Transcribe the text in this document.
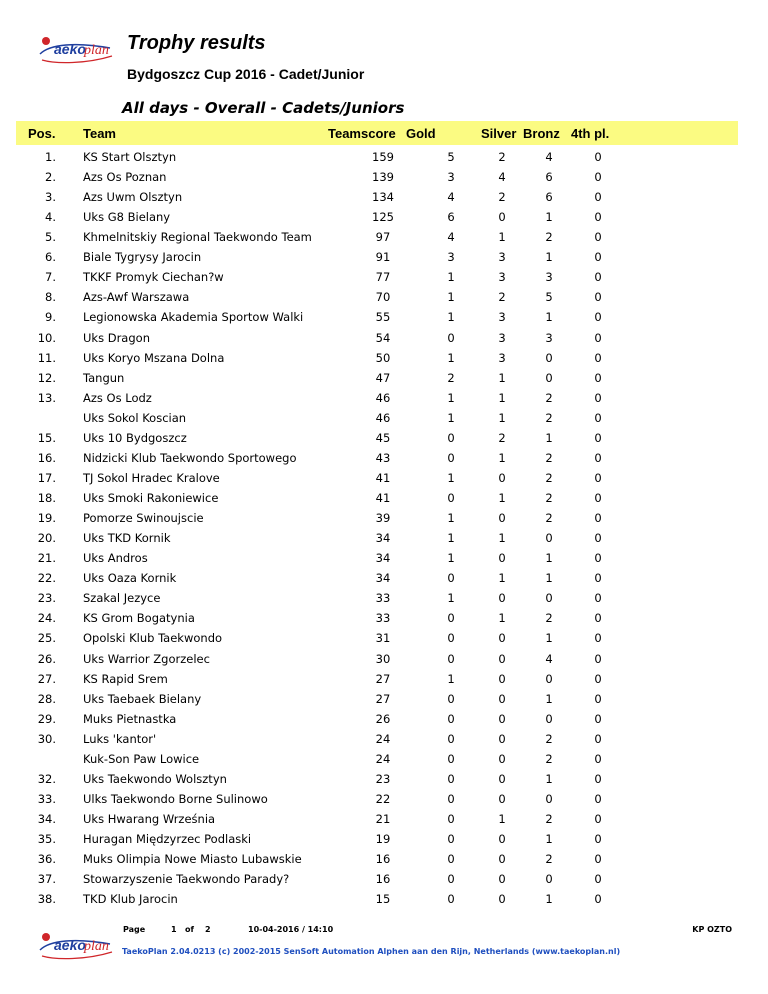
aeko
plan Trophy results
Bydgoszcz Cup 2016 - Cadet/Junior
All days - Overall - Cadets/Juniors
Pos. Team	Teamscore Gold	Silver Bronz 4th pl.
1. KS Start Olsztyn	159	5	2	4	0
2. Azs Os Poznan	139	3	4	6	0
3. Azs Uwm Olsztyn	134	4	2	6	0
4. Uks G8 Bielany	125	6	0	1	0
5. Khmelnitskiy Regional Taekwondo Team	97	4	1	2	0
6. Biale Tygrysy Jarocin	91	3	3	1	0
7. TKKF Promyk Ciechan?w	77	1	3	3	0
8. Azs-Awf Warszawa	70	1	2	5	0
9. Legionowska Akademia Sportow Walki	55	1	3	1	0
10. Uks Dragon	54	0	3	3	0
11. Uks Koryo Mszana Dolna	50	1	3	0	0
12. Tangun	47	2	1	0	0
13. Azs Os Lodz	46	1	1	2	0
Uks Sokol Koscian	46	1	1	2	0
15. Uks 10 Bydgoszcz	45	0	2	1	0
16. Nidzicki Klub Taekwondo Sportowego	43	0	1	2	0
17. TJ Sokol Hradec Kralove	41	1	0	2	0
18. Uks Smoki Rakoniewice	41	0	1	2	0
19. Pomorze Swinoujscie	39	1	0	2	0
20. Uks TKD Kornik	34	1	1	0	0
21. Uks Andros	34	1	0	1	0
22. Uks Oaza Kornik	34	0	1	1	0
23. Szakal Jezyce	33	1	0	0	0
24. KS Grom Bogatynia	33	0	1	2	0
25. Opolski Klub Taekwondo	31	0	0	1	0
26. Uks Warrior Zgorzelec	30	0	0	4	0
27. KS Rapid Srem	27	1	0	0	0
28. Uks Taebaek Bielany	27	0	0	1	0
29. Muks Pietnastka	26	0	0	0	0
30. Luks 'kantor'	24	0	0	2	0
Kuk-Son Paw Lowice	24	0	0	2	0
32. Uks Taekwondo Wolsztyn	23	0	0	1	0
33. Ulks Taekwondo Borne Sulinowo	22	0	0	0	0
34. Uks Hwarang Września	21	0	1	2	0
35. Huragan Międzyrzec Podlaski	19	0	0	1	0
36. Muks Olimpia Nowe Miasto Lubawskie	16	0	0	2	0
37. Stowarzyszenie Taekwondo Parady?	16	0	0	0	0
38. TKD Klub Jarocin	15	0	0	1	0
Page	1 of 2	10-04-2016 / 14:10	KP OZTO
aeko
plan TaekoPlan 2.04.0213 (c) 2002-2015 SenSoft Automation Alphen aan den Rijn, Netherlands (www.taekoplan.nl)
